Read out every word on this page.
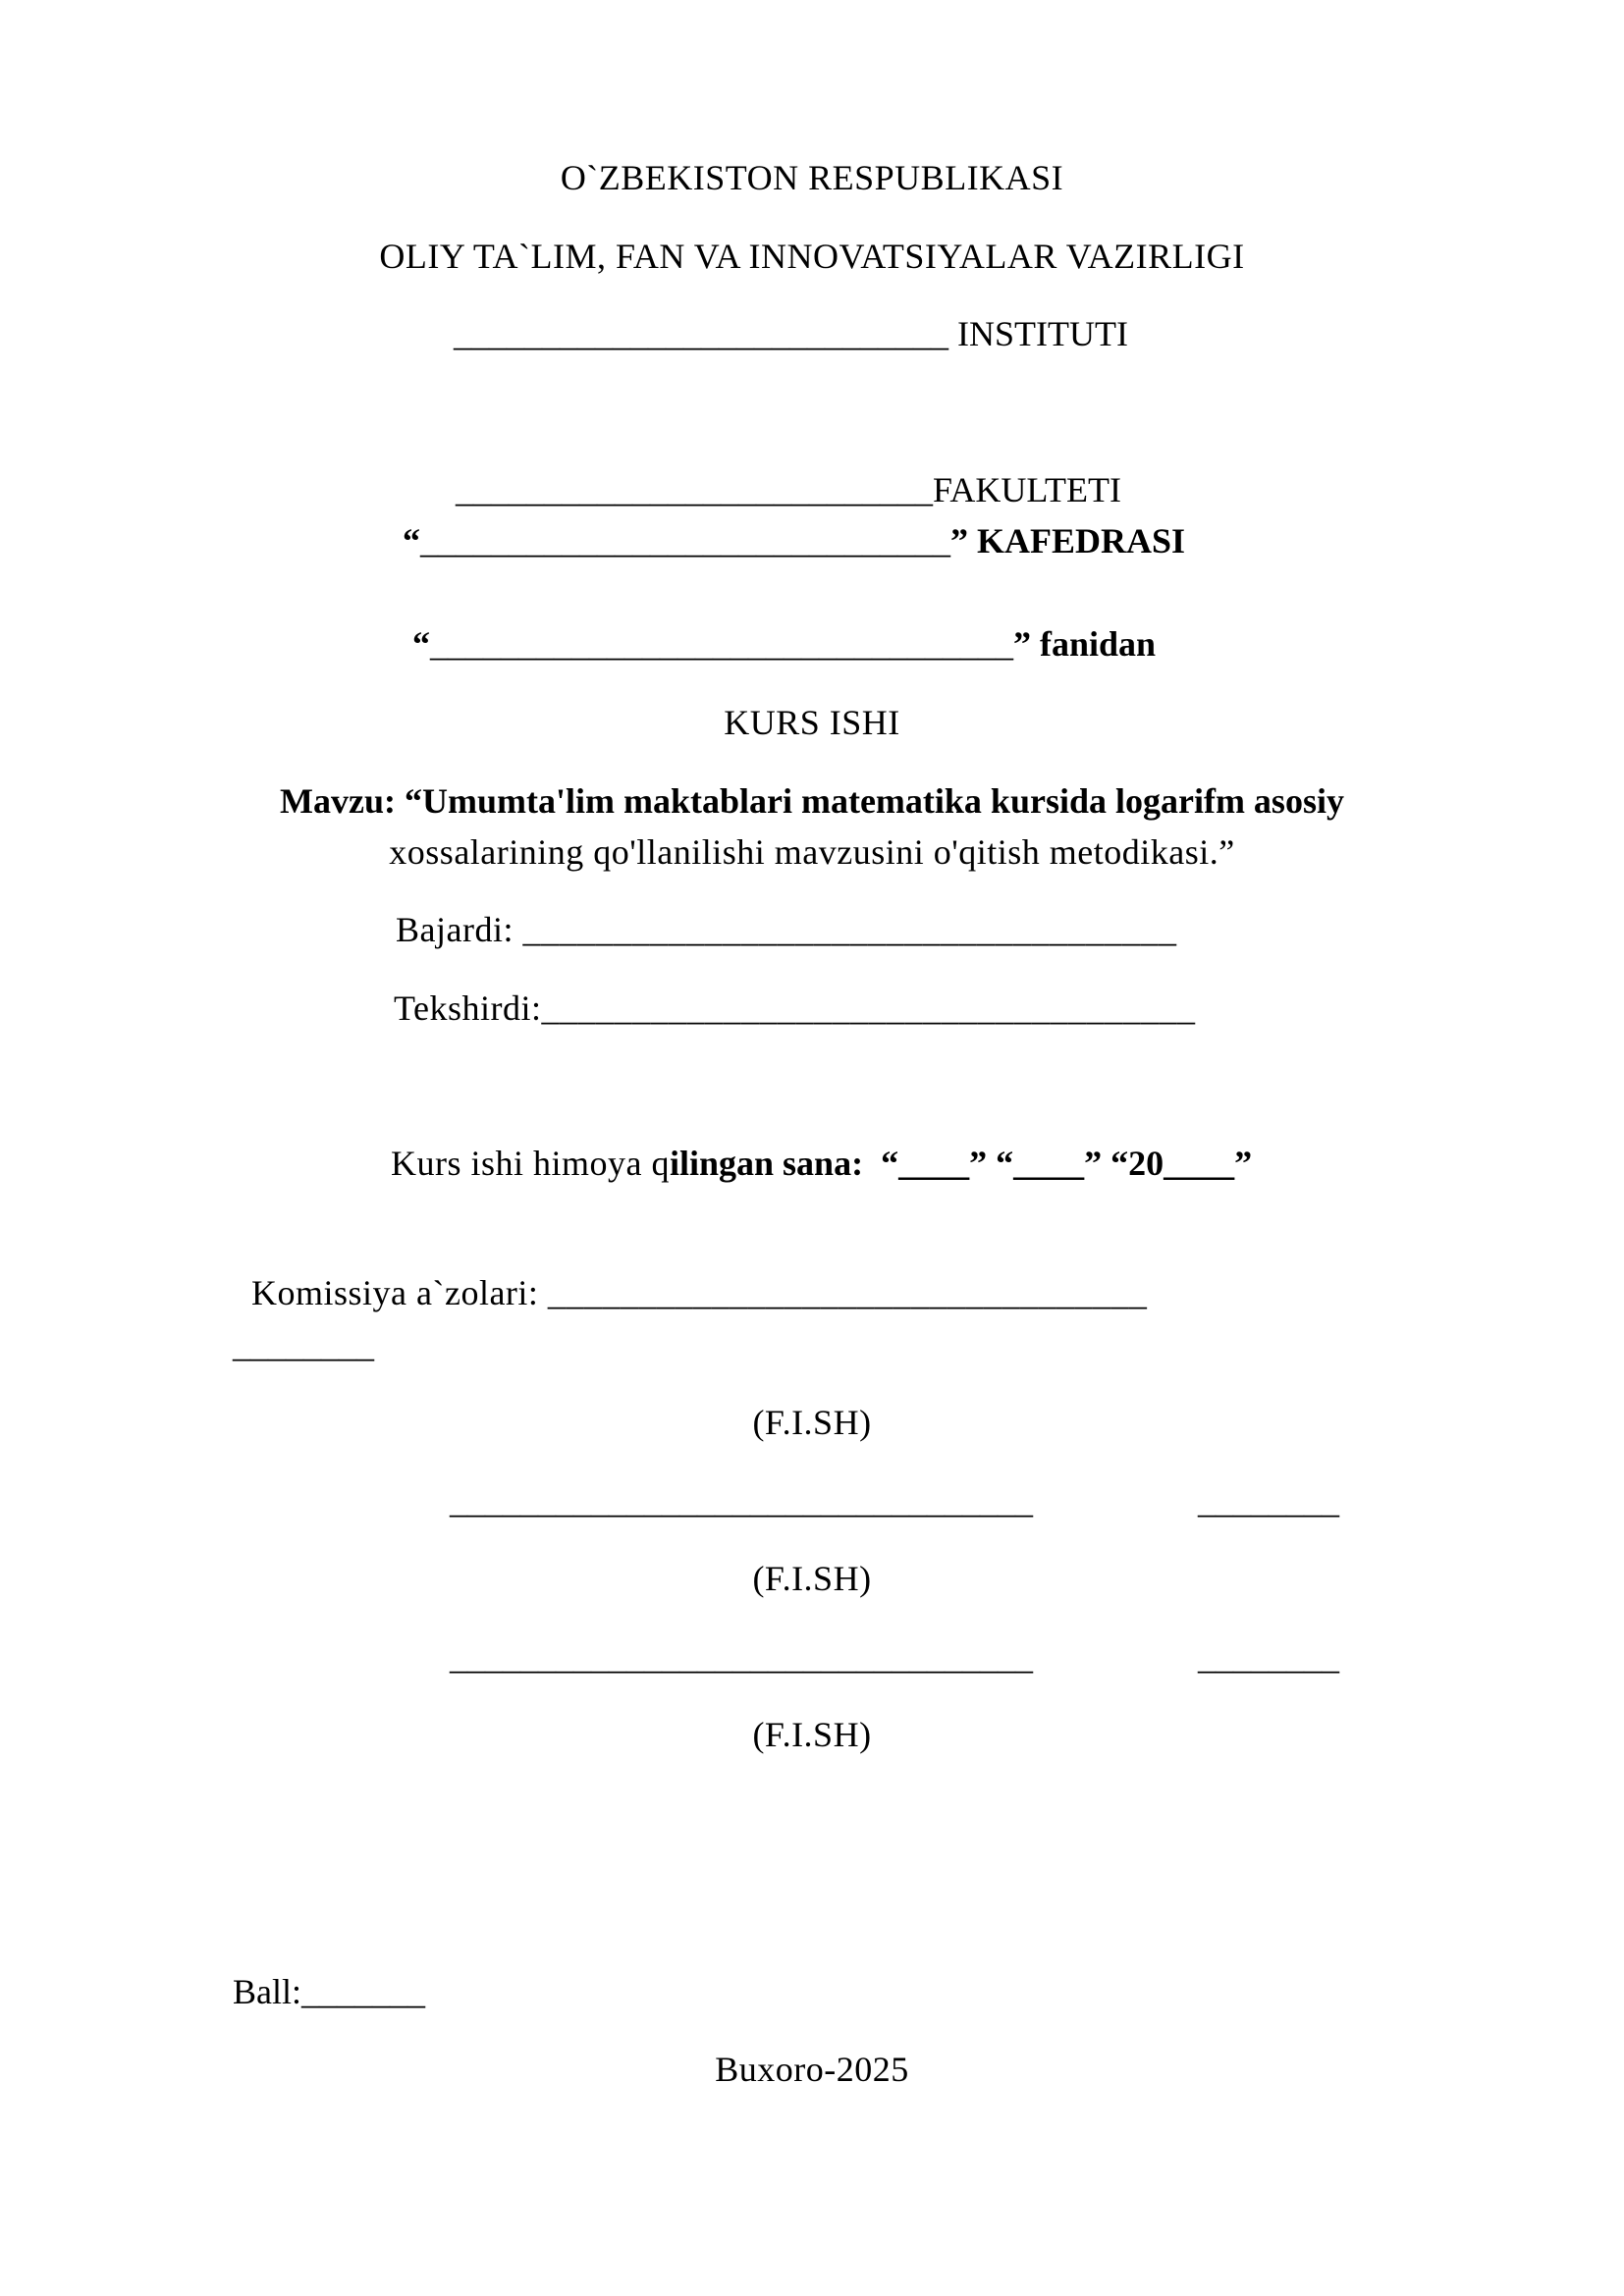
O`ZBEKISTON RESPUBLIKASI
OLIY TA`LIM, FAN VA INNOVATSIYALAR VAZIRLIGI
____________________________ INSTITUTI
___________________________FAKULTETI
“______________________________” KAFEDRASI
“_________________________________” fanidan
KURS ISHI
Mavzu: “Umumta'lim maktablari matematika kursida logarifm asosiy
xossalarining qo'llanilishi mavzusini o'qitish metodikasi.”
Bajardi: ____________________________________
Tekshirdi:____________________________________
Kurs ishi himoya qilingan sana:  “____” “____” “20____”
Komissiya a`zolari: _________________________________
________
(F.I.SH)
_________________________________	________
(F.I.SH)
_________________________________	________
(F.I.SH)
Ball:_______
Buxoro-2025
